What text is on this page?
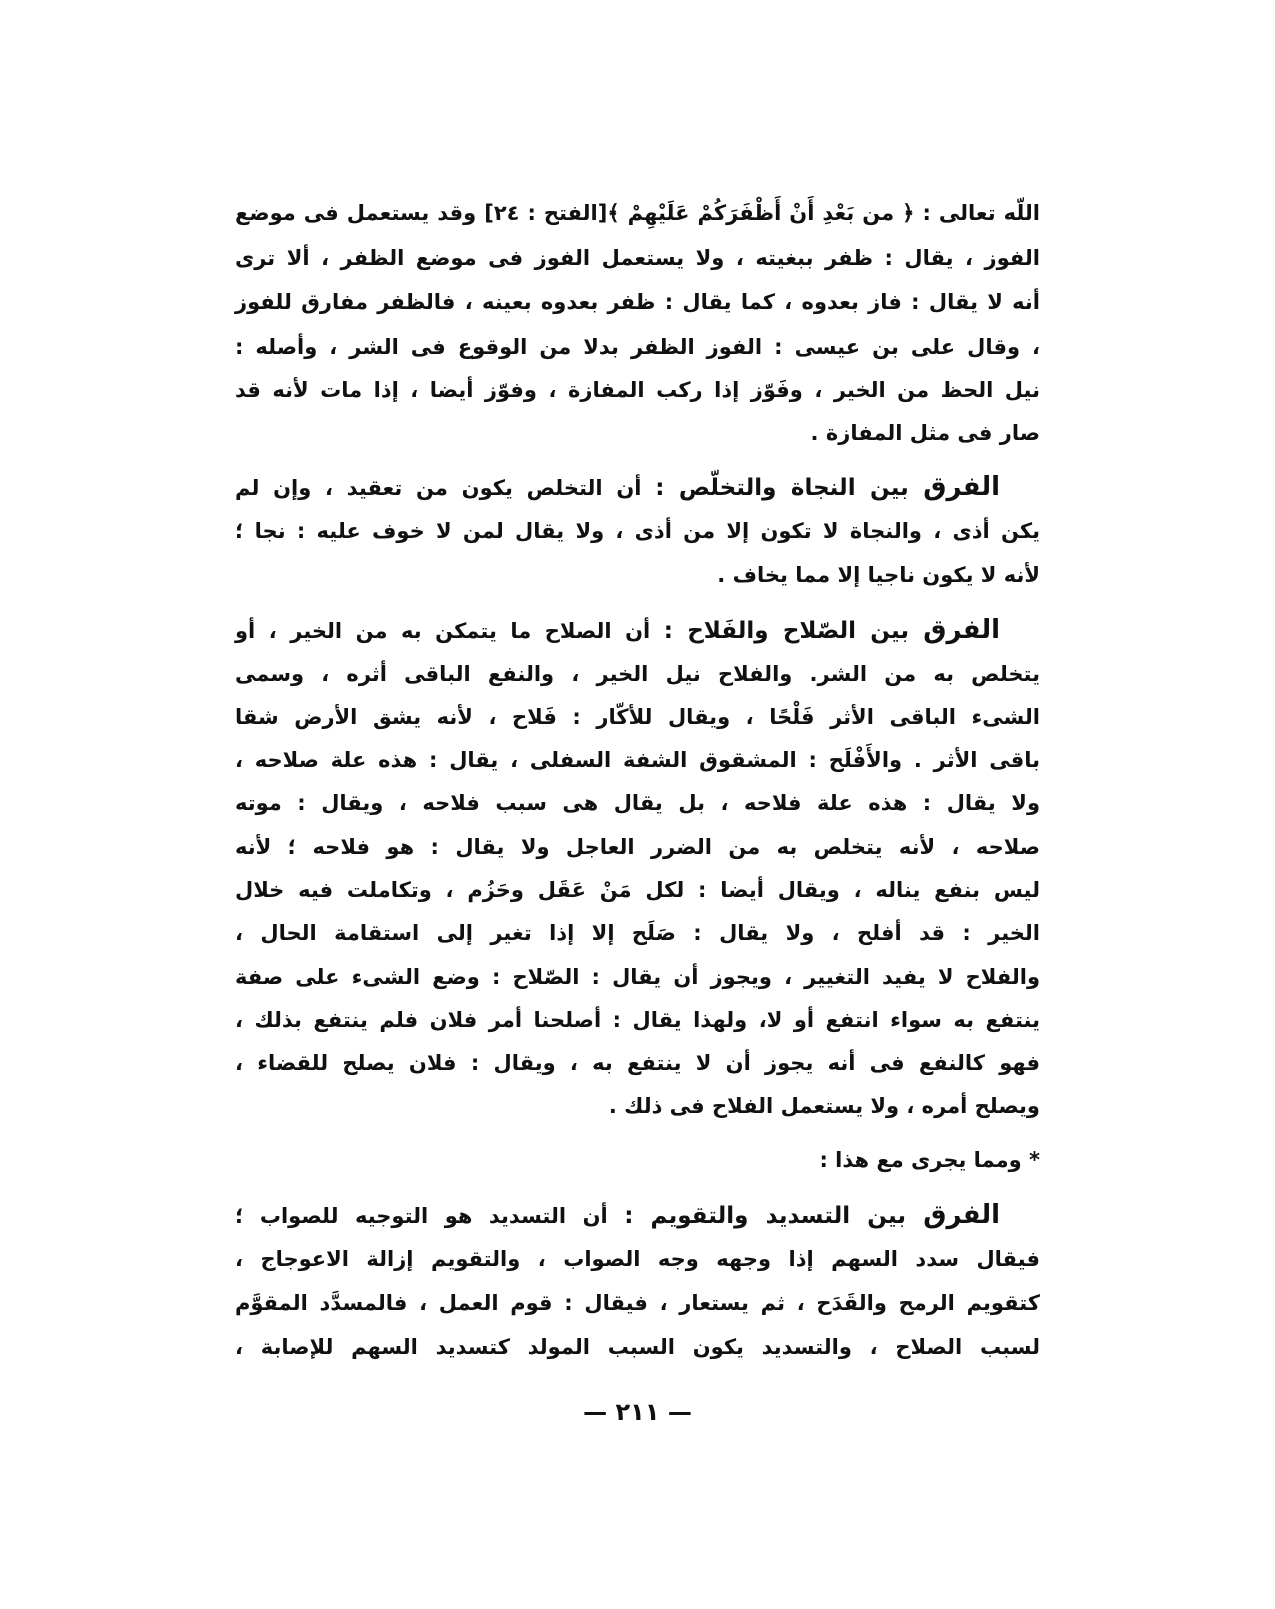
اللّه تعالى : ﴿ من بَعْدِ أَنْ أَظْفَرَكُمْ عَلَيْهِمْ ﴾[الفتح : ٢٤] وقد يستعمل فى موضع
الفوز ، يقال : ظفر ببغيته ، ولا يستعمل الفوز فى موضع الظفر ، ألا ترى
أنه لا يقال : فاز بعدوه ، كما يقال : ظفر بعدوه بعينه ، فالظفر مفارق للفوز
، وقال على بن عيسى : الفوز الظفر بدلا من الوقوع فى الشر ، وأصله :
نيل الحظ من الخير ، وفَوّز إذا ركب المفازة ، وفوّز أيضا ، إذا مات لأنه قد
صار فى مثل المفازة .
الفرق بين النجاة والتخلّص : أن التخلص يكون من تعقيد ، وإن لم
يكن أذى ، والنجاة لا تكون إلا من أذى ، ولا يقال لمن لا خوف عليه : نجا ؛
لأنه لا يكون ناجيا إلا مما يخاف .
الفرق بين الصّلاح والفَلاح : أن الصلاح ما يتمكن به من الخير ، أو
يتخلص به من الشر. والفلاح نيل الخير ، والنفع الباقى أثره ، وسمى
الشىء الباقى الأثر فَلْحًا ، ويقال للأكّار : فَلاح ، لأنه يشق الأرض شقا
باقى الأثر . والأَفْلَح : المشقوق الشفة السفلى ، يقال : هذه علة صلاحه ،
ولا يقال : هذه علة فلاحه ، بل يقال هى سبب فلاحه ، ويقال : موته
صلاحه ، لأنه يتخلص به من الضرر العاجل ولا يقال : هو فلاحه ؛ لأنه
ليس بنفع يناله ، ويقال أيضا : لكل مَنْ عَقَل وحَزُم ، وتكاملت فيه خلال
الخير : قد أفلح ، ولا يقال : صَلَح إلا إذا تغير إلى استقامة الحال ،
والفلاح لا يفيد التغيير ، ويجوز أن يقال : الصّلاح : وضع الشىء على صفة
ينتفع به سواء انتفع أو لا، ولهذا يقال : أصلحنا أمر فلان فلم ينتفع بذلك ،
فهو كالنفع فى أنه يجوز أن لا ينتفع به ، ويقال : فلان يصلح للقضاء ،
ويصلح أمره ، ولا يستعمل الفلاح فى ذلك .
* ومما يجرى مع هذا :
الفرق بين التسديد والتقويم : أن التسديد هو التوجيه للصواب ؛
فيقال سدد السهم إذا وجهه وجه الصواب ، والتقويم إزالة الاعوجاج ،
كتقويم الرمح والقَدَح ، ثم يستعار ، فيقال : قوم العمل ، فالمسدَّد المقوَّم
لسبب الصلاح ، والتسديد يكون السبب المولد كتسديد السهم للإصابة ،
— ٢١١ —
